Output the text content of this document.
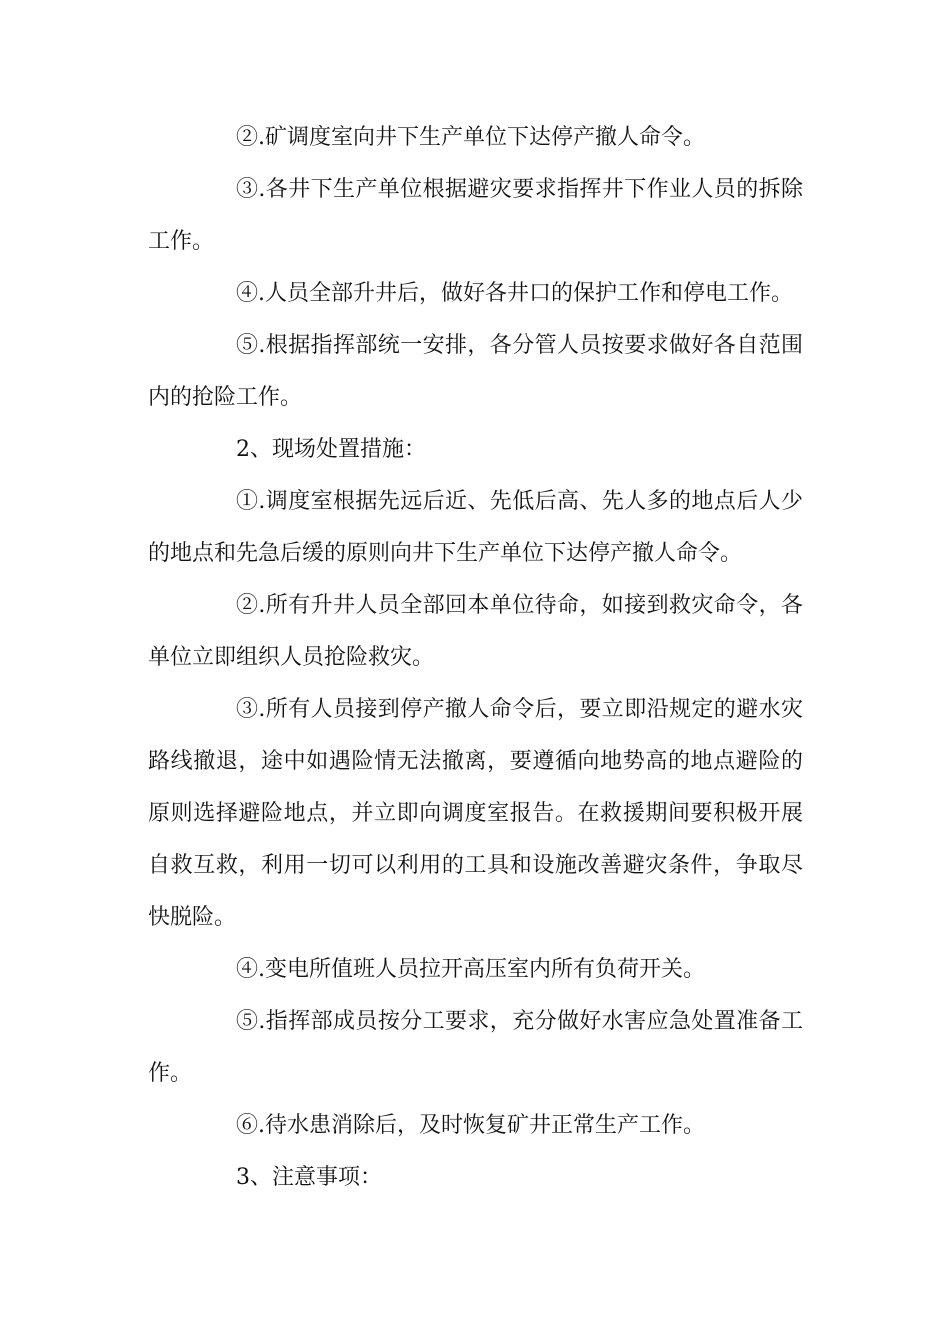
②.矿调度室向井下生产单位下达停产撤人命令。

③.各井下生产单位根据避灾要求指挥井下作业人员的拆除工作。

④.人员全部升井后，做好各井口的保护工作和停电工作。

⑤.根据指挥部统一安排，各分管人员按要求做好各自范围内的抢险工作。

2、现场处置措施：

①.调度室根据先远后近、先低后高、先人多的地点后人少的地点和先急后缓的原则向井下生产单位下达停产撤人命令。

②.所有升井人员全部回本单位待命，如接到救灾命令，各单位立即组织人员抢险救灾。

③.所有人员接到停产撤人命令后，要立即沿规定的避水灾路线撤退，途中如遇险情无法撤离，要遵循向地势高的地点避险的原则选择避险地点，并立即向调度室报告。在救援期间要积极开展自救互救，利用一切可以利用的工具和设施改善避灾条件，争取尽快脱险。

④.变电所值班人员拉开高压室内所有负荷开关。

⑤.指挥部成员按分工要求，充分做好水害应急处置准备工作。

⑥.待水患消除后，及时恢复矿井正常生产工作。

3、注意事项：
